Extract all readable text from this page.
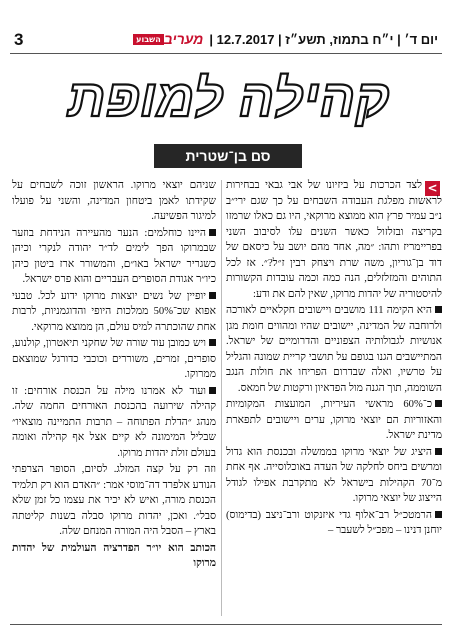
3	יום ד׳ | י״ח בתמוז, תשע״ז | 12.7.2017 |מעריבהשבוע
קהילה למופת
סם בן־שטרית
<

לצד הכרכות על ביזיונו של אבי גבאי בבחירות לראשות מפלגת העבודה השבחים על כך שגם ירי״ב נ״ב עמיר פרץ הוא ממוצא מרוקאי, היו גם כאלו שרמזו בקריצה ובזלזול כאשר השנים עלו לסיבוב השני בפריימריז ותהו: ״מה, אחד מהם יושב על כיסאם של דוד בן־גוריון, משה שרת ויצחק רבין ז״ל?״. אז לכל התוהים והמזלזלים, הנה כמה וכמה עובדות הקשורות להיסטוריה של יהדות מרוקו, שאין להם את ודע:

היא הקימה 111 מושבים ויישובים חקלאיים לאורכה ולרוחבה של המדינה, יישובים שהיו ומהווים חומת מגן אנושיות לגבולותיה הצפוניים והדרומיים של ישראל. המתיישבים הגנו בגופם על תושבי קריית שמונה והגליל על טרשיו, ואלה שבדרום הפריחו את חולות הנגב השוממה, תוך הגנה מול הפדאיון ורקטות של חמאס.

כ־60% מראשי העיריות, המועצות המקומיות והאזוריות הם יוצאי מרוקו, ערים ויישובים לתפארת מדינת ישראל.

היציג של יוצאי מרוקו בממשלה ובכנסת הוא גדול ומרשים ביחס לחלקה של העדה באוכלוסייה. אף אחת מ־70 הקהילות בישראל לא מתקרבת אפילו לגודל הייצוג של יוצאי מרוקו.

הרמטכ״ל רב־אלוף גדי איזנקוט ורב־ניצב (בדימוס) יוחנן דנינו – מפכ״ל לשעבר –

שניהם יוצאי מרוקו. הראשון זוכה לשבחים על שקידתו לאמן ביטחון המדינה, והשני על פועלו למיגור הפשיעה.

היינו כוחלמים: הנער מהעיירה הנידחת בוזער שבמרוקו הפך לימים לד״ר יהודה לנקרי וכיהן כשגריר ישראל באו״ם, והמשורר ארז ביטון כיהן כיו״ר אגודת הסופרים העבריים והוא פרס ישראל.

יופיין של נשים יוצאות מרוקו ידוע לכל. טבעי אפוא שכ־50% ממלכות היופי והדוגמניות, לרבות אחת שהוכתרה למיס עולם, הן ממוצא מרוקאי.

ויש כמובן עוד שורה של שחקני תיאטרון, קולנוע, סופרים, זמרים, משוררים וכוכבי כדורגל שמוצאם ממרוקו.

ועוד לא אמרנו מילה על הכנסת אורחים: זו קהילה שירועה בהכנסת האורחים החמה שלה. מנהג ״הדלת הפתוחה – תרבות התמיינה מוצאיו״ שבליל המימונה לא קיים אצל אף קהילה ואומה בעולם זולת יהדות מרוקו.

וזה רק על קצה המזלג. לסיום, הסופר הצרפתי הנודע אלפרד דה־מוסי אמר: ״האדם הוא רק תלמיד הכנסת מורה, ואיש לא יכיר את עצמו כל זמן שלא סבל״. ואכן, יהדות מרוקו סבלה בשנות קליטתה בארץ – הסבל היה המורה המנחם שלה.

הכותב הוא יו״ר הפדרציה העולמית של יהדות מרוקו
